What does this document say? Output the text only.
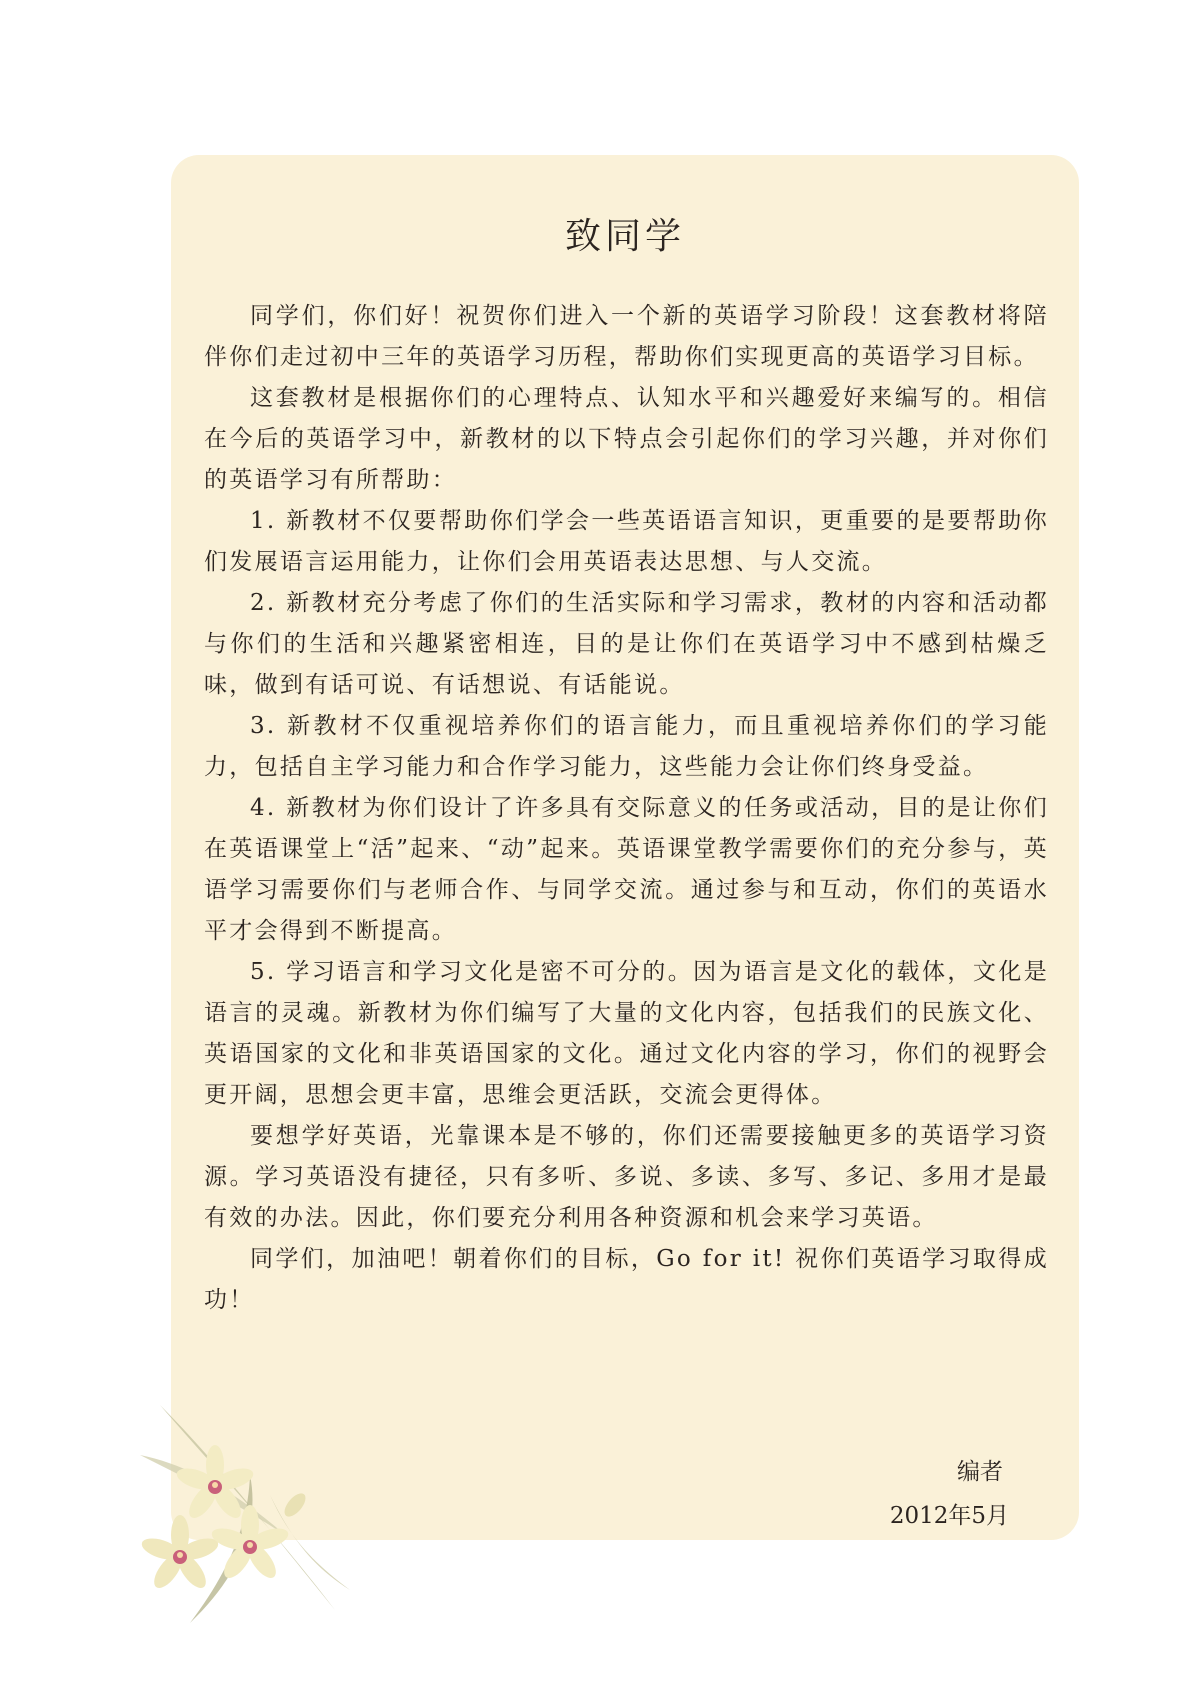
致同学

同学们，你们好！祝贺你们进入一个新的英语学习阶段！这套教材将陪伴你们走过初中三年的英语学习历程，帮助你们实现更高的英语学习目标。

这套教材是根据你们的心理特点、认知水平和兴趣爱好来编写的。相信在今后的英语学习中，新教材的以下特点会引起你们的学习兴趣，并对你们的英语学习有所帮助：

1. 新教材不仅要帮助你们学会一些英语语言知识，更重要的是要帮助你们发展语言运用能力，让你们会用英语表达思想、与人交流。

2. 新教材充分考虑了你们的生活实际和学习需求，教材的内容和活动都与你们的生活和兴趣紧密相连，目的是让你们在英语学习中不感到枯燥乏味，做到有话可说、有话想说、有话能说。

3. 新教材不仅重视培养你们的语言能力，而且重视培养你们的学习能力，包括自主学习能力和合作学习能力，这些能力会让你们终身受益。

4. 新教材为你们设计了许多具有交际意义的任务或活动，目的是让你们在英语课堂上“活”起来、“动”起来。英语课堂教学需要你们的充分参与，英语学习需要你们与老师合作、与同学交流。通过参与和互动，你们的英语水平才会得到不断提高。

5. 学习语言和学习文化是密不可分的。因为语言是文化的载体，文化是语言的灵魂。新教材为你们编写了大量的文化内容，包括我们的民族文化、英语国家的文化和非英语国家的文化。通过文化内容的学习，你们的视野会更开阔，思想会更丰富，思维会更活跃，交流会更得体。

要想学好英语，光靠课本是不够的，你们还需要接触更多的英语学习资源。学习英语没有捷径，只有多听、多说、多读、多写、多记、多用才是最有效的办法。因此，你们要充分利用各种资源和机会来学习英语。

同学们，加油吧！朝着你们的目标，Go for it! 祝你们英语学习取得成功！

编者
2012年5月
